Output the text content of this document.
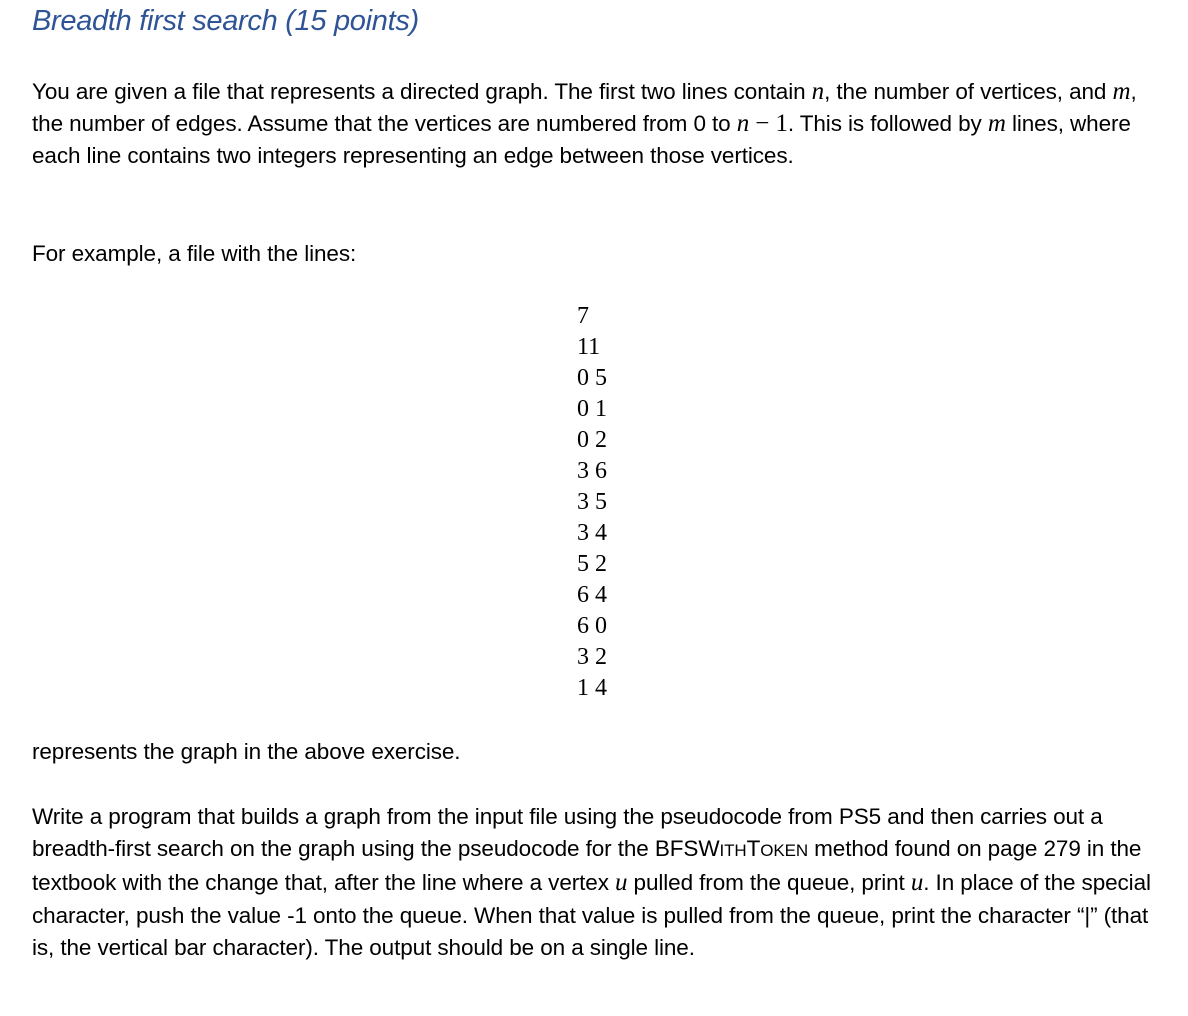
Breadth first search (15 points)
You are given a file that represents a directed graph. The first two lines contain n, the number of vertices, and m, the number of edges. Assume that the vertices are numbered from 0 to n − 1. This is followed by m lines, where each line contains two integers representing an edge between those vertices.
For example, a file with the lines:
7
11
0 5
0 1
0 2
3 6
3 5
3 4
5 2
6 4
6 0
3 2
1 4
represents the graph in the above exercise.
Write a program that builds a graph from the input file using the pseudocode from PS5 and then carries out a breadth-first search on the graph using the pseudocode for the BFSWITHTOKEN method found on page 279 in the textbook with the change that, after the line where a vertex u pulled from the queue, print u. In place of the special character, push the value -1 onto the queue. When that value is pulled from the queue, print the character “|” (that is, the vertical bar character). The output should be on a single line.
